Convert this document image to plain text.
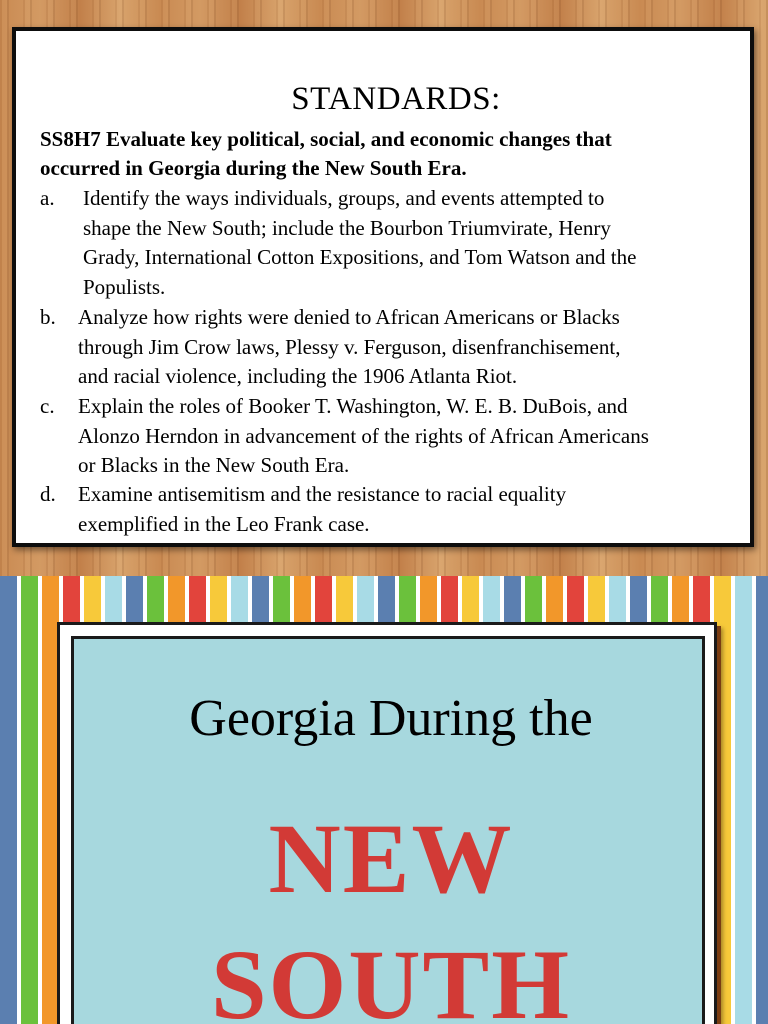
STANDARDS:
SS8H7 Evaluate key political, social, and economic changes that
occurred in Georgia during the New South Era.
a. Identify the ways individuals, groups, and events attempted to
shape the New South; include the Bourbon Triumvirate, Henry
Grady, International Cotton Expositions, and Tom Watson and the
Populists.
b. Analyze how rights were denied to African Americans or Blacks
through Jim Crow laws, Plessy v. Ferguson, disenfranchisement,
and racial violence, including the 1906 Atlanta Riot.
c. Explain the roles of Booker T. Washington, W. E. B. DuBois, and
Alonzo Herndon in advancement of the rights of African Americans
or Blacks in the New South Era.
d. Examine antisemitism and the resistance to racial equality
exemplified in the Leo Frank case.
Georgia During the
NEW
SOUTH
